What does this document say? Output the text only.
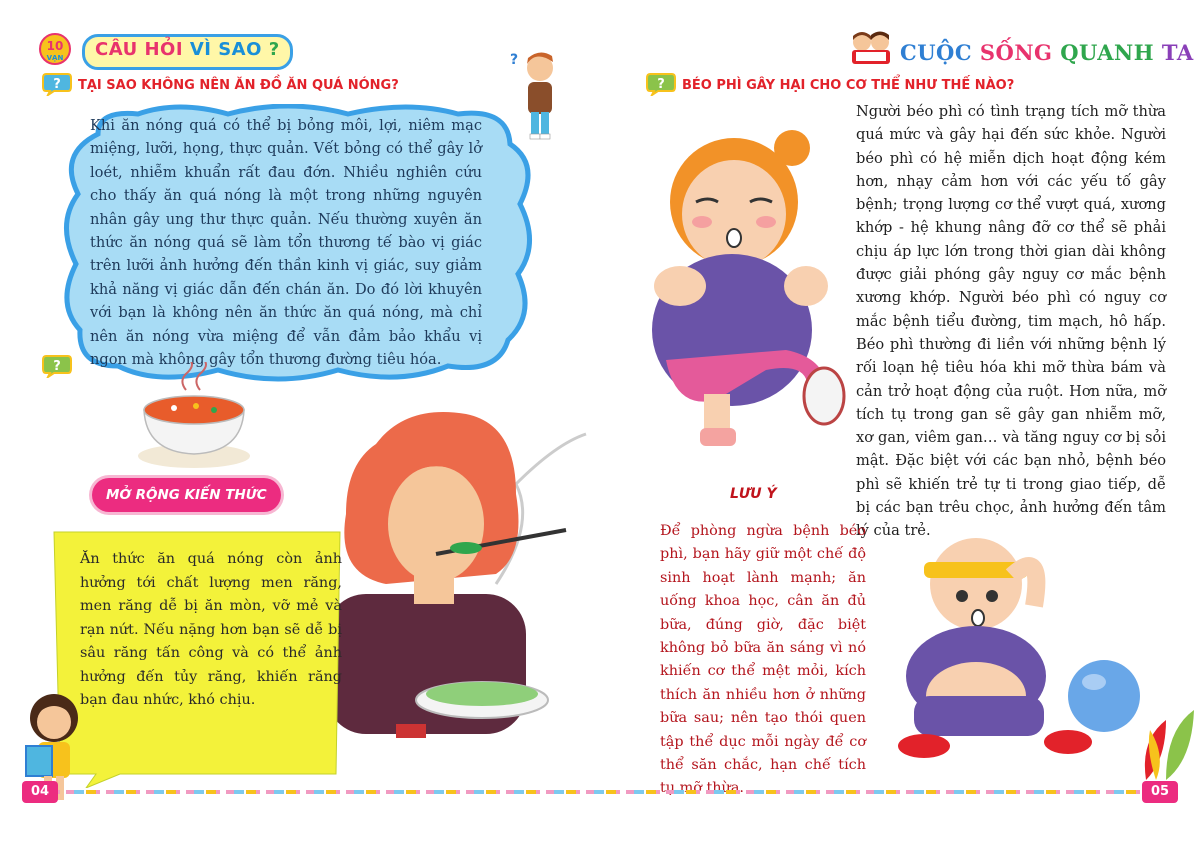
10
VẠN	CÂU HỎI VÌ SAO ?	?	CUỘC SỐNG QUANH TA
? TẠI SAO KHÔNG NÊN ĂN ĐỒ ĂN QUÁ NÓNG?
Khi ăn nóng quá có thể bị bỏng môi, lợi, niêm mạc miệng, lưỡi, họng, thực quản. Vết bỏng có thể gây lở loét, nhiễm khuẩn rất đau đớn. Nhiều nghiên cứu cho thấy ăn quá nóng là một trong những nguyên nhân gây ung thư thực quản. Nếu thường xuyên ăn thức ăn nóng quá sẽ làm tổn thương tế bào vị giác trên lưỡi ảnh hưởng đến thần kinh vị giác, suy giảm khả năng vị giác dẫn đến chán ăn. Do đó lời khuyên với bạn là không nên ăn thức ăn quá nóng, mà chỉ nên ăn nóng vừa miệng để vẫn đảm bảo khẩu vị ngon mà không gây tổn thương đường tiêu hóa.
?
MỞ RỘNG KIẾN THỨC
Ăn thức ăn quá nóng còn ảnh hưởng tới chất lượng men răng, men răng dễ bị ăn mòn, vỡ mẻ và rạn nứt. Nếu nặng hơn bạn sẽ dễ bị sâu răng tấn công và có thể ảnh hưởng đến tủy răng, khiến răng bạn đau nhức, khó chịu.
? BÉO PHÌ GÂY HẠI CHO CƠ THỂ NHƯ THẾ NÀO?
Người béo phì có tình trạng tích mỡ thừa quá mức và gây hại đến sức khỏe. Người béo phì có hệ miễn dịch hoạt động kém hơn, nhạy cảm hơn với các yếu tố gây bệnh; trọng lượng cơ thể vượt quá, xương khớp - hệ khung nâng đỡ cơ thể sẽ phải chịu áp lực lớn trong thời gian dài không được giải phóng gây nguy cơ mắc bệnh xương khớp. Người béo phì có nguy cơ mắc bệnh tiểu đường, tim mạch, hô hấp. Béo phì thường đi liền với những bệnh lý rối loạn hệ tiêu hóa khi mỡ thừa bám và cản trở hoạt động của ruột. Hơn nữa, mỡ tích tụ trong gan sẽ gây gan nhiễm mỡ, xơ gan, viêm gan… và tăng nguy cơ bị sỏi mật. Đặc biệt với các bạn nhỏ, bệnh béo phì sẽ khiến trẻ tự ti trong giao tiếp, dễ bị các bạn trêu chọc, ảnh hưởng đến tâm lý của trẻ.
LƯU Ý
Để phòng ngừa bệnh béo phì, bạn hãy giữ một chế độ sinh hoạt lành mạnh; ăn uống khoa học, cân ăn đủ bữa, đúng giờ, đặc biệt không bỏ bữa ăn sáng vì nó khiến cơ thể mệt mỏi, kích thích ăn nhiều hơn ở những bữa sau; nên tạo thói quen tập thể dục mỗi ngày để cơ thể săn chắc, hạn chế tích tụ mỡ thừa.
04	05
